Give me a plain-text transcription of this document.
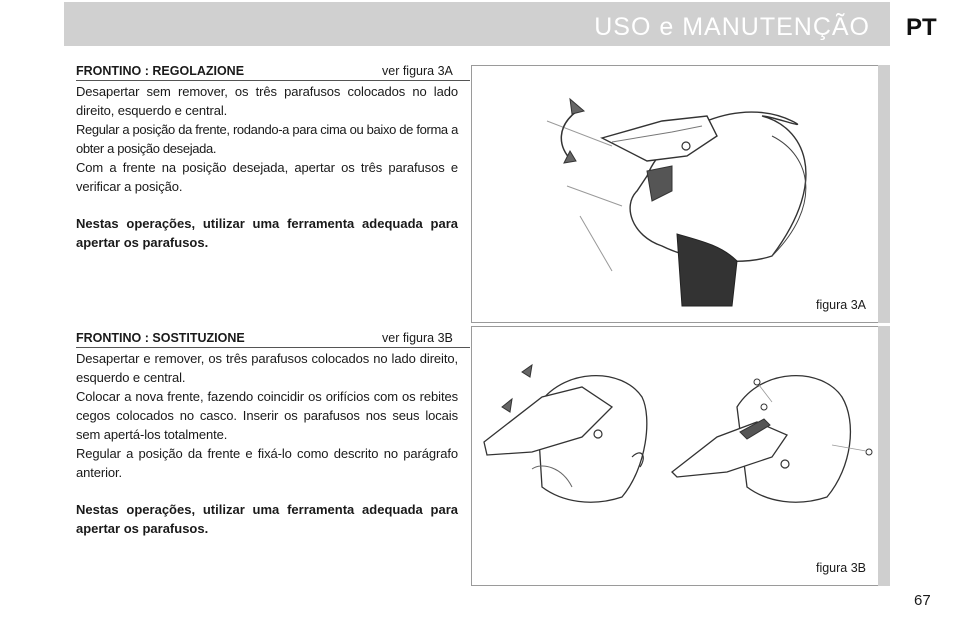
USO e MANUTENÇÃO PT
FRONTINO : REGOLAZIONE	ver figura 3A

Desapertar sem remover, os três parafusos colocados no lado direito, esquerdo e central.

Regular a posição da frente, rodando-a para cima ou baixo de forma a obter a posição desejada.

Com a frente na posição desejada, apertar os três parafusos e verificar a posição.

Nestas operações, utilizar uma ferramenta adequada para apertar os parafusos.

FRONTINO : SOSTITUZIONE	ver figura 3B

Desapertar e remover, os três parafusos colocados no lado direito, esquerdo e central.

Colocar a nova frente, fazendo coincidir os orifícios com os rebites cegos colocados no casco. Inserir os parafusos nos seus locais sem apertá-los totalmente.

Regular a posição da frente e fixá-lo como descrito no parágrafo anterior.

Nestas operações, utilizar uma ferramenta adequada para apertar os parafusos.

figura 3A
figura 3B
67
